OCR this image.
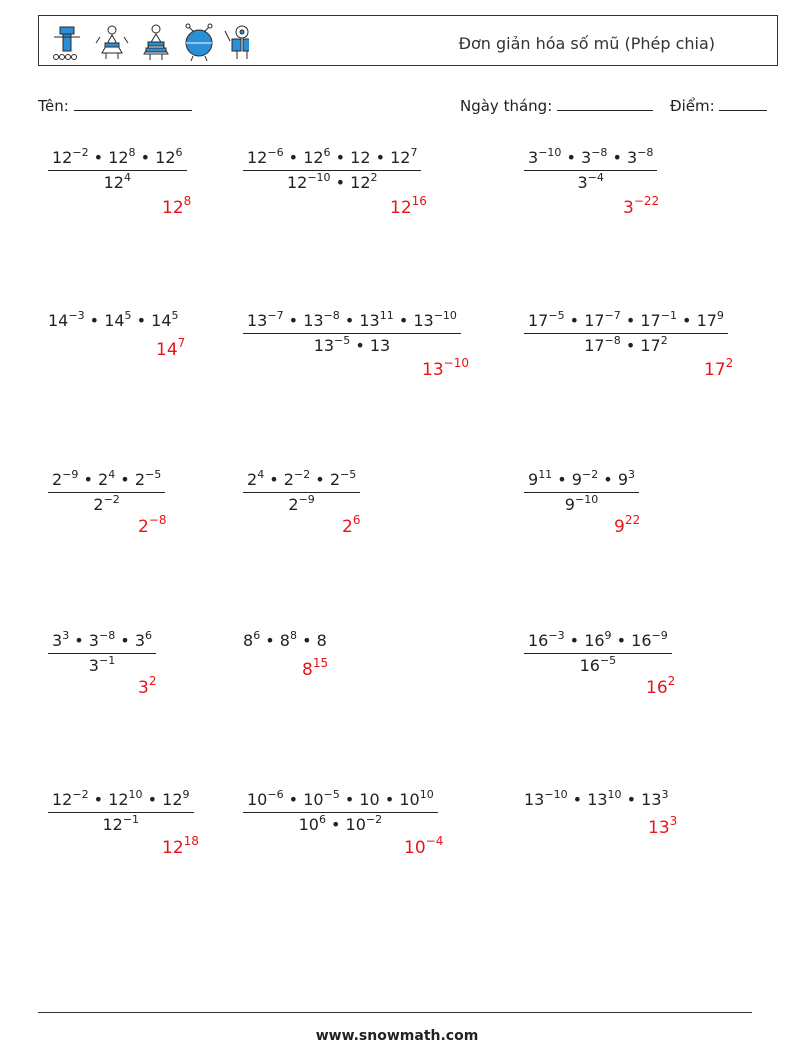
Đơn giản hóa số mũ (Phép chia)
Tên:	Ngày tháng:	Điểm:
$\frac{12^{-2} • 12^8 • 12^6}{12^4}$
$12^8$
$\frac{12^{-6} • 12^6 • 12 • 12^7}{12^{-10} • 12^2}$
$12^{16}$
$\frac{3^{-10} • 3^{-8} • 3^{-8}}{3^{-4}}$
$3^{-22}$
$14^{-3}$ • $14^5$ • $14^5$
$14^7$	$\frac{13^{-7} • 13^{-8} • 13^{11} • 13^{-10}}{13^{-5} • 13}$
$13^{-10}$
$\frac{17^{-5} • 17^{-7} • 17^{-1} • 17^9}{17^{-8} • 17^2}$
$17^2$
$\frac{2^{-9} • 2^4 • 2^{-5}}{2^{-2}}$
$2^{-8}$
$\frac{2^4 • 2^{-2} • 2^{-5}}{2^{-9}}$
$2^6$
$\frac{9^{11} • 9^{-2} • 9^3}{9^{-10}}$
$9^{22}$
$\frac{3^3 • 3^{-8} • 3^6}{3^{-1}}$
$3^2$
$8^6$ • $8^8$ • 8
$8^{15}$	$\frac{16^{-3} • 16^9 • 16^{-9}}{16^{-5}}$
$16^2$
$\frac{12^{-2} • 12^{10} • 12^9}{12^{-1}}$
$12^{18}$
$\frac{10^{-6} • 10^{-5} • 10 • 10^{10}}{10^6 • 10^{-2}}$
$10^{-4}$
$13^{-10}$ • $13^{10}$ • $13^3$
$13^3$
www.snowmath.com
